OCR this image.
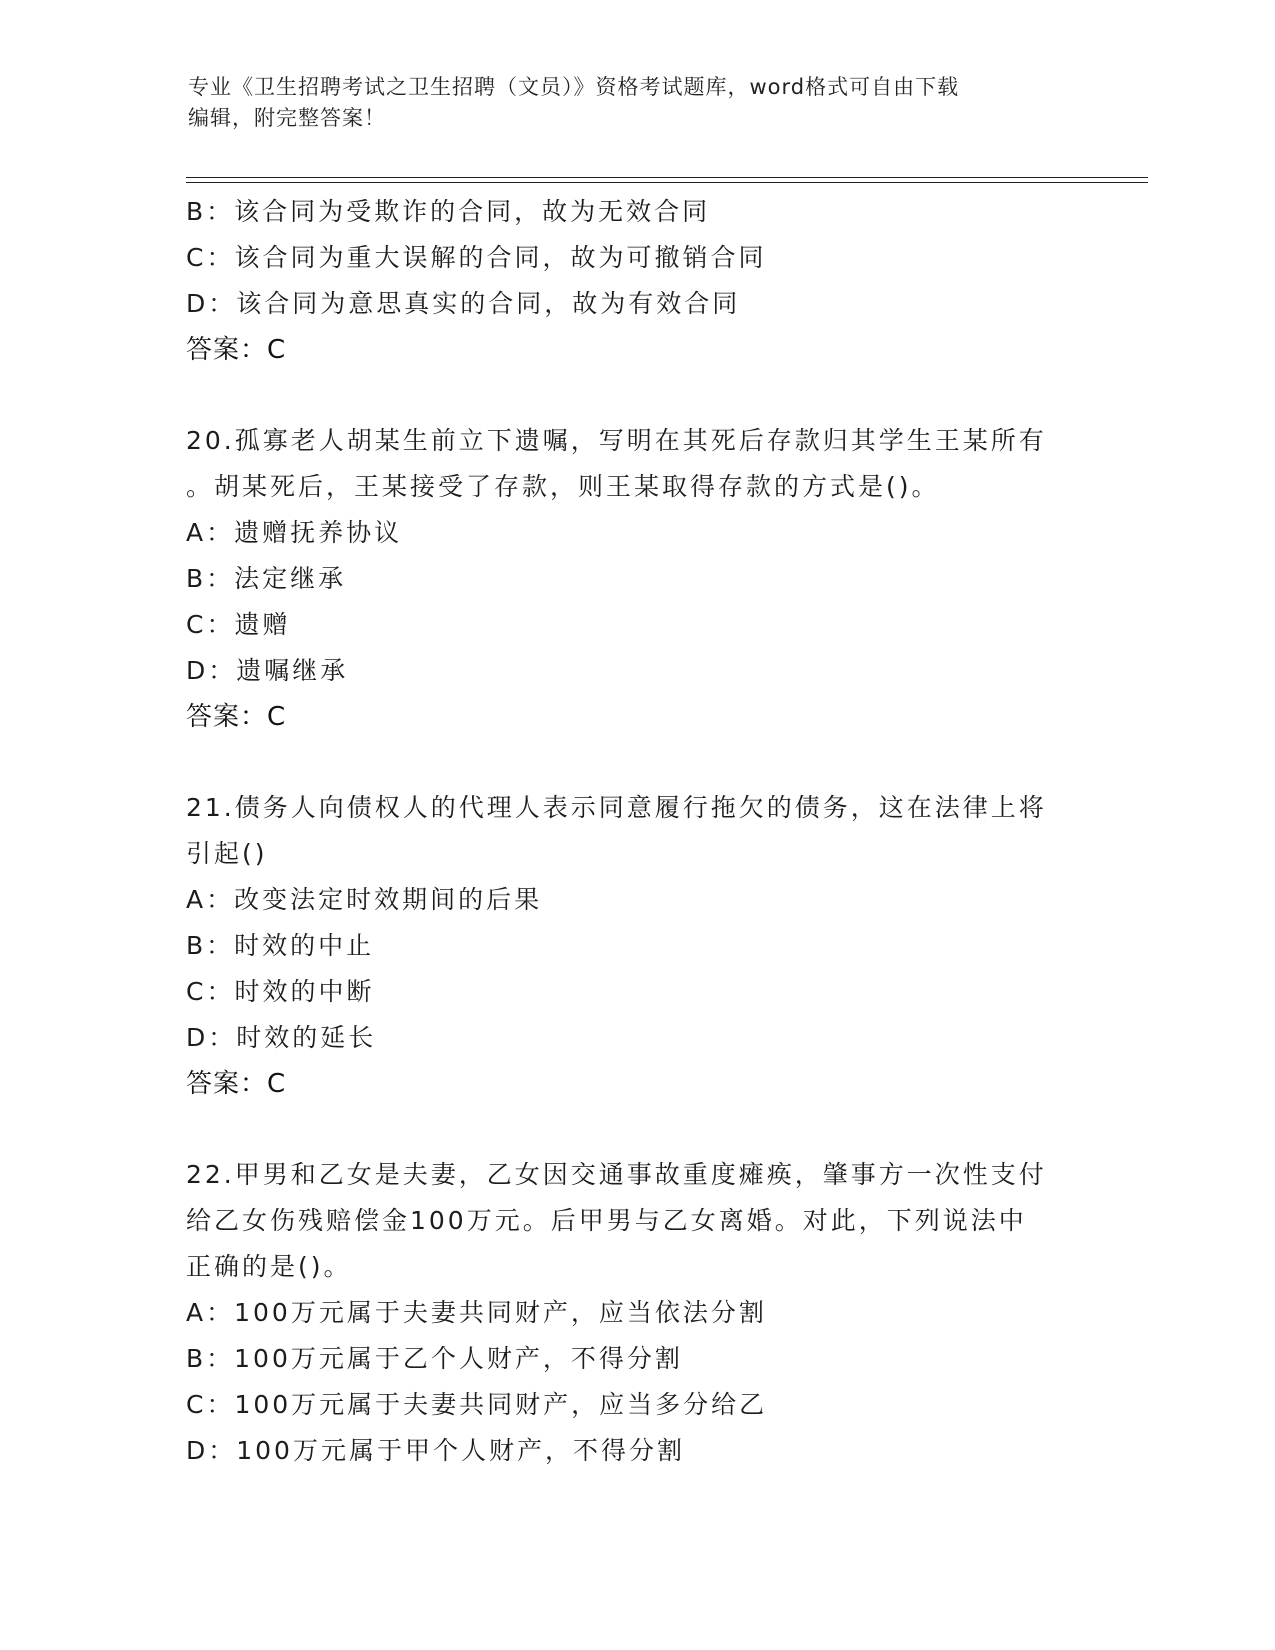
专业《卫生招聘考试之卫生招聘（文员）》资格考试题库，word格式可自由下载
编辑，附完整答案！
B：该合同为受欺诈的合同，故为无效合同
C：该合同为重大误解的合同，故为可撤销合同
D：该合同为意思真实的合同，故为有效合同
答案：C
20.孤寡老人胡某生前立下遗嘱，写明在其死后存款归其学生王某所有
。胡某死后，王某接受了存款，则王某取得存款的方式是()。
A：遗赠抚养协议
B：法定继承
C：遗赠
D：遗嘱继承
答案：C
21.债务人向债权人的代理人表示同意履行拖欠的债务，这在法律上将
引起()
A：改变法定时效期间的后果
B：时效的中止
C：时效的中断
D：时效的延长
答案：C
22.甲男和乙女是夫妻，乙女因交通事故重度瘫痪，肇事方一次性支付
给乙女伤残赔偿金100万元。后甲男与乙女离婚。对此，下列说法中
正确的是()。
A：100万元属于夫妻共同财产，应当依法分割
B：100万元属于乙个人财产，不得分割
C：100万元属于夫妻共同财产，应当多分给乙
D：100万元属于甲个人财产，不得分割
